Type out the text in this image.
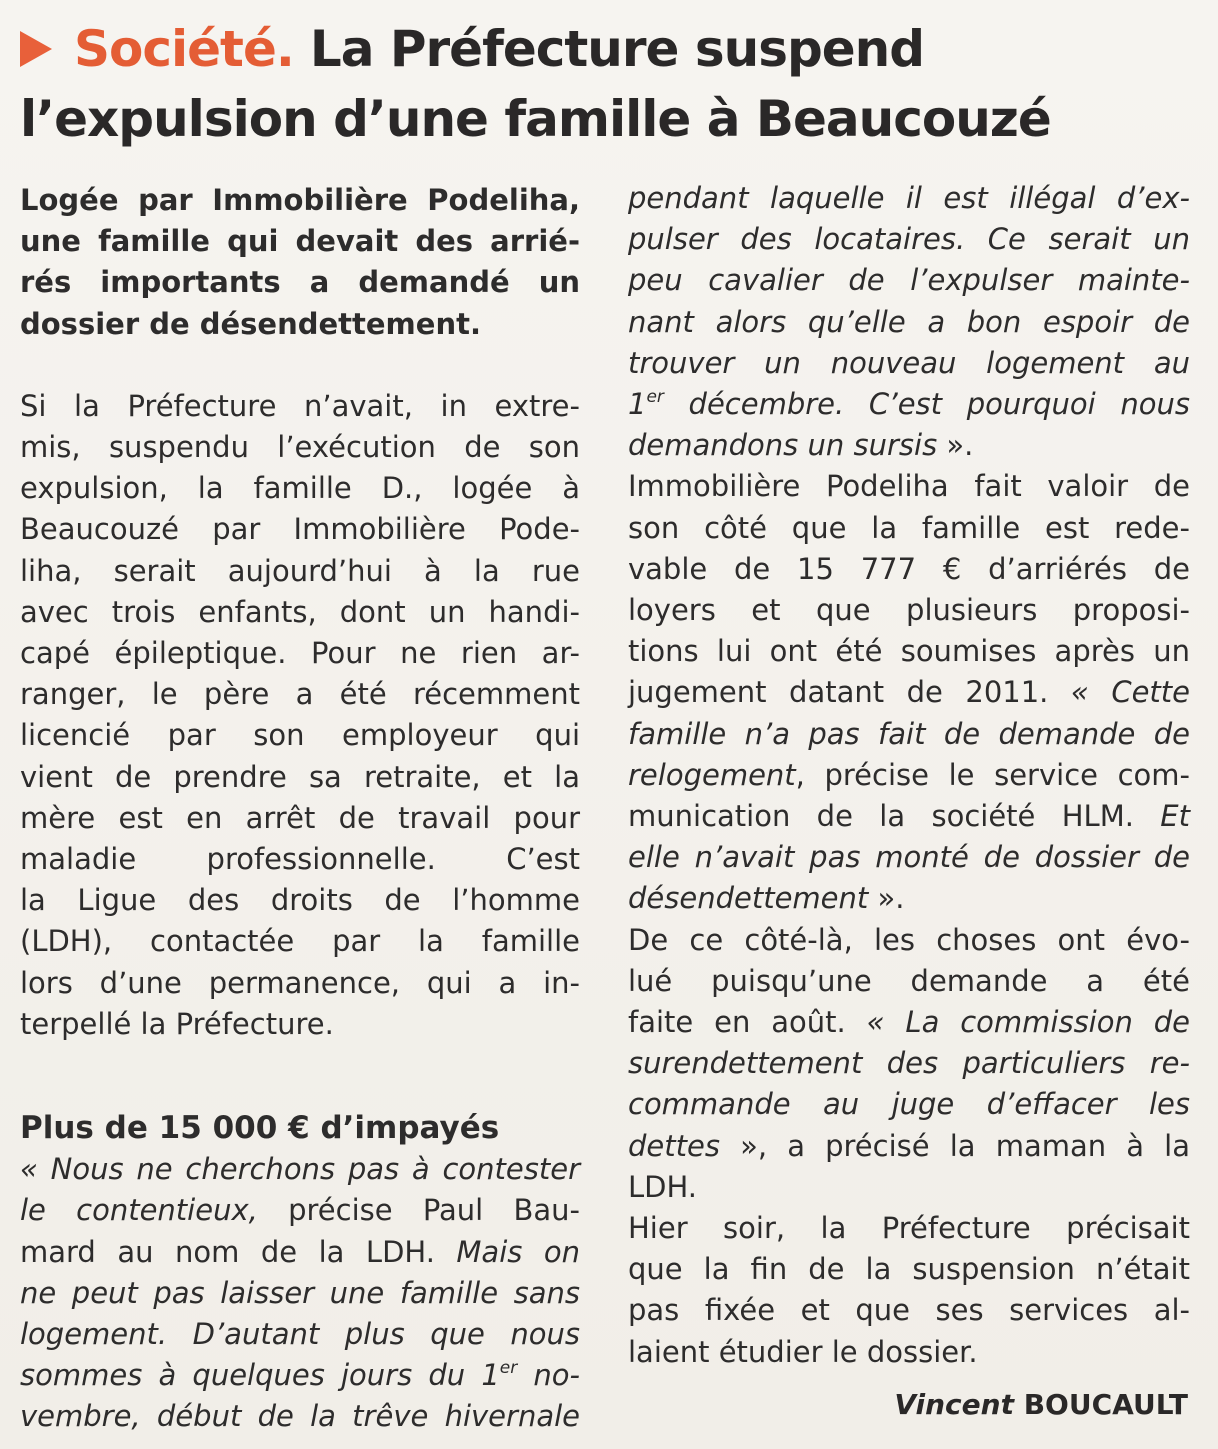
Société. La Préfecture suspend
l’expulsion d’une famille à Beaucouzé
Logée par Immobilière Podeliha,
une famille qui devait des arrié-
rés importants a demandé un
dossier de désendettement.
Si la Préfecture n’avait, in extre-
mis, suspendu l’exécution de son
expulsion, la famille D., logée à
Beaucouzé par Immobilière Pode-
liha, serait aujourd’hui à la rue
avec trois enfants, dont un handi-
capé épileptique. Pour ne rien ar-
ranger, le père a été récemment
licencié par son employeur qui
vient de prendre sa retraite, et la
mère est en arrêt de travail pour
maladie professionnelle. C’est
la Ligue des droits de l’homme
(LDH), contactée par la famille
lors d’une permanence, qui a in-
terpellé la Préfecture.
Plus de 15 000 € d’impayés
« Nous ne cherchons pas à contester
le contentieux, précise Paul Bau-
mard au nom de la LDH. Mais on
ne peut pas laisser une famille sans
logement. D’autant plus que nous
sommes à quelques jours du 1er no-
vembre, début de la trêve hivernale
pendant laquelle il est illégal d’ex-
pulser des locataires. Ce serait un
peu cavalier de l’expulser mainte-
nant alors qu’elle a bon espoir de
trouver un nouveau logement au
1er décembre. C’est pourquoi nous
demandons un sursis ».
Immobilière Podeliha fait valoir de
son côté que la famille est rede-
vable de 15 777 € d’arriérés de
loyers et que plusieurs proposi-
tions lui ont été soumises après un
jugement datant de 2011. « Cette
famille n’a pas fait de demande de
relogement, précise le service com-
munication de la société HLM. Et
elle n’avait pas monté de dossier de
désendettement ».
De ce côté-là, les choses ont évo-
lué puisqu’une demande a été
faite en août. « La commission de
surendettement des particuliers re-
commande au juge d’effacer les
dettes », a précisé la maman à la
LDH.
Hier soir, la Préfecture précisait
que la fin de la suspension n’était
pas fixée et que ses services al-
laient étudier le dossier.
Vincent BOUCAULT
